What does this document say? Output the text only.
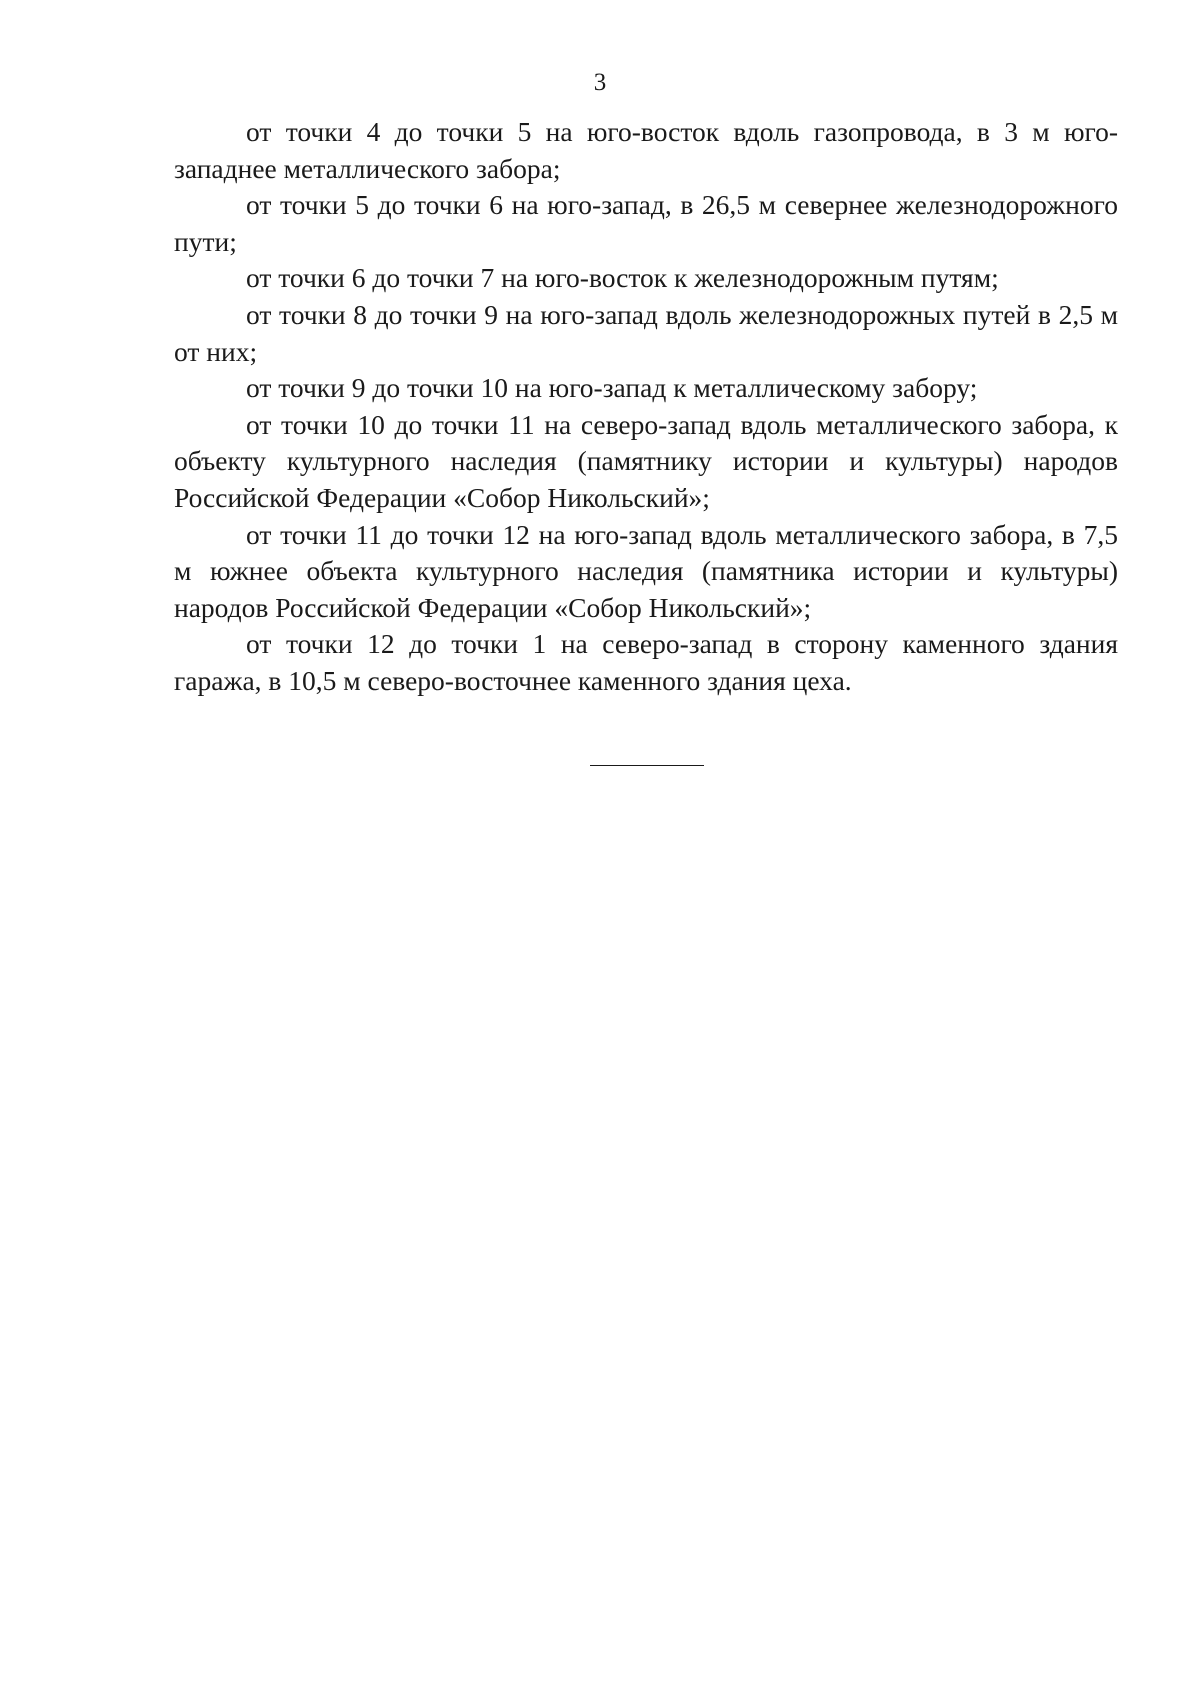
3

от точки 4 до точки 5 на юго-восток вдоль газопровода, в 3 м юго-западнее металлического забора;

от точки 5 до точки 6 на юго-запад, в 26,5 м севернее железнодорожного пути;

от точки 6 до точки 7 на юго-восток к железнодорожным путям;

от точки 8 до точки 9 на юго-запад вдоль железнодорожных путей в 2,5 м от них;

от точки 9 до точки 10 на юго-запад к металлическому забору;

от точки 10 до точки 11 на северо-запад вдоль металлического забора, к объекту культурного наследия (памятнику истории и культуры) народов Российской Федерации «Собор Никольский»;

от точки 11 до точки 12 на юго-запад вдоль металлического забора, в 7,5 м южнее объекта культурного наследия (памятника истории и культуры) народов Российской Федерации «Собор Никольский»;

от точки 12 до точки 1 на северо-запад в сторону каменного здания гаража, в 10,5 м северо-восточнее каменного здания цеха.
